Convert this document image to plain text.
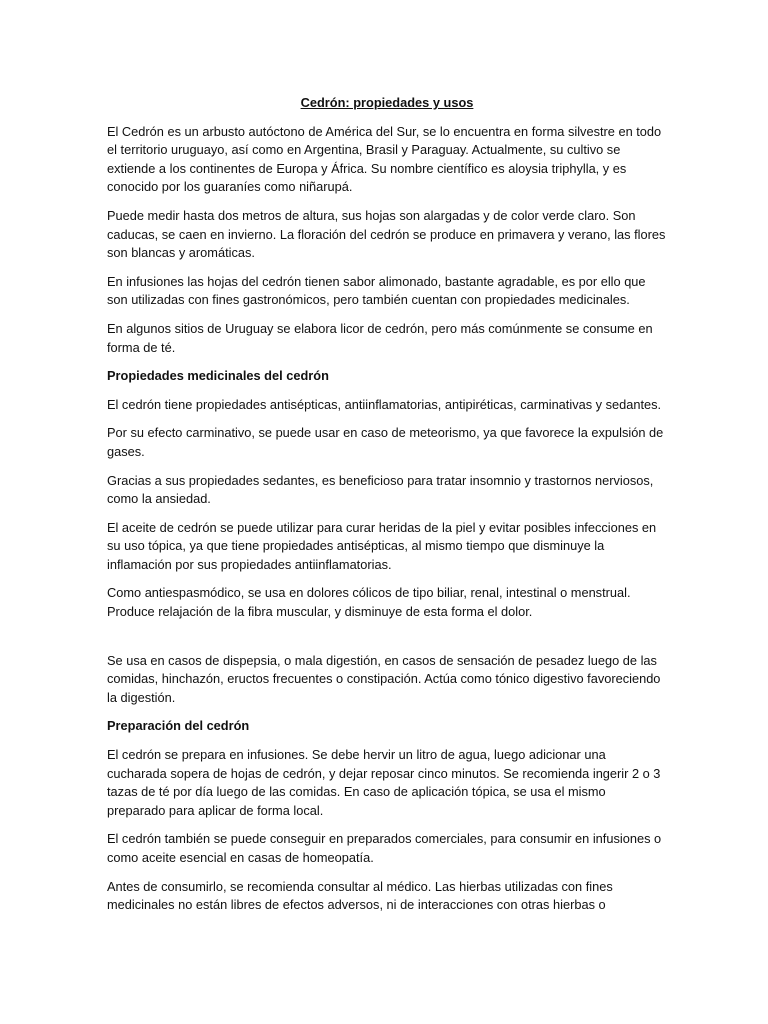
Cedrón: propiedades y usos

El Cedrón es un arbusto autóctono de América del Sur, se lo encuentra en forma silvestre en todo el territorio uruguayo, así como en Argentina, Brasil y Paraguay. Actualmente, su cultivo se extiende a los continentes de Europa y África. Su nombre científico es aloysia triphylla, y es conocido por los guaraníes como niñarupá.

Puede medir hasta dos metros de altura, sus hojas son alargadas y de color verde claro. Son caducas, se caen en invierno. La floración del cedrón se produce en primavera y verano, las flores son blancas y aromáticas.

En infusiones las hojas del cedrón tienen sabor alimonado, bastante agradable, es por ello que son utilizadas con fines gastronómicos, pero también cuentan con propiedades medicinales.

En algunos sitios de Uruguay se elabora licor de cedrón, pero más comúnmente se consume en forma de té.

Propiedades medicinales del cedrón

El cedrón tiene propiedades antisépticas, antiinflamatorias, antipiréticas, carminativas y sedantes.

Por su efecto carminativo, se puede usar en caso de meteorismo, ya que favorece la expulsión de gases.

Gracias a sus propiedades sedantes, es beneficioso para tratar insomnio y trastornos nerviosos, como la ansiedad.

El aceite de cedrón se puede utilizar para curar heridas de la piel y evitar posibles infecciones en su uso tópica, ya que tiene propiedades antisépticas, al mismo tiempo que disminuye la inflamación por sus propiedades antiinflamatorias.

Como antiespasmódico, se usa en dolores cólicos de tipo biliar, renal, intestinal o menstrual. Produce relajación de la fibra muscular, y disminuye de esta forma el dolor.

Se usa en casos de dispepsia, o mala digestión, en casos de sensación de pesadez luego de las comidas, hinchazón, eructos frecuentes o constipación. Actúa como tónico digestivo favoreciendo la digestión.

Preparación del cedrón

El cedrón se prepara en infusiones. Se debe hervir un litro de agua, luego adicionar una cucharada sopera de hojas de cedrón, y dejar reposar cinco minutos. Se recomienda ingerir 2 o 3 tazas de té por día luego de las comidas. En caso de aplicación tópica, se usa el mismo preparado para aplicar de forma local.

El cedrón también se puede conseguir en preparados comerciales, para consumir en infusiones o como aceite esencial en casas de homeopatía.

Antes de consumirlo, se recomienda consultar al médico. Las hierbas utilizadas con fines medicinales no están libres de efectos adversos, ni de interacciones con otras hierbas o
